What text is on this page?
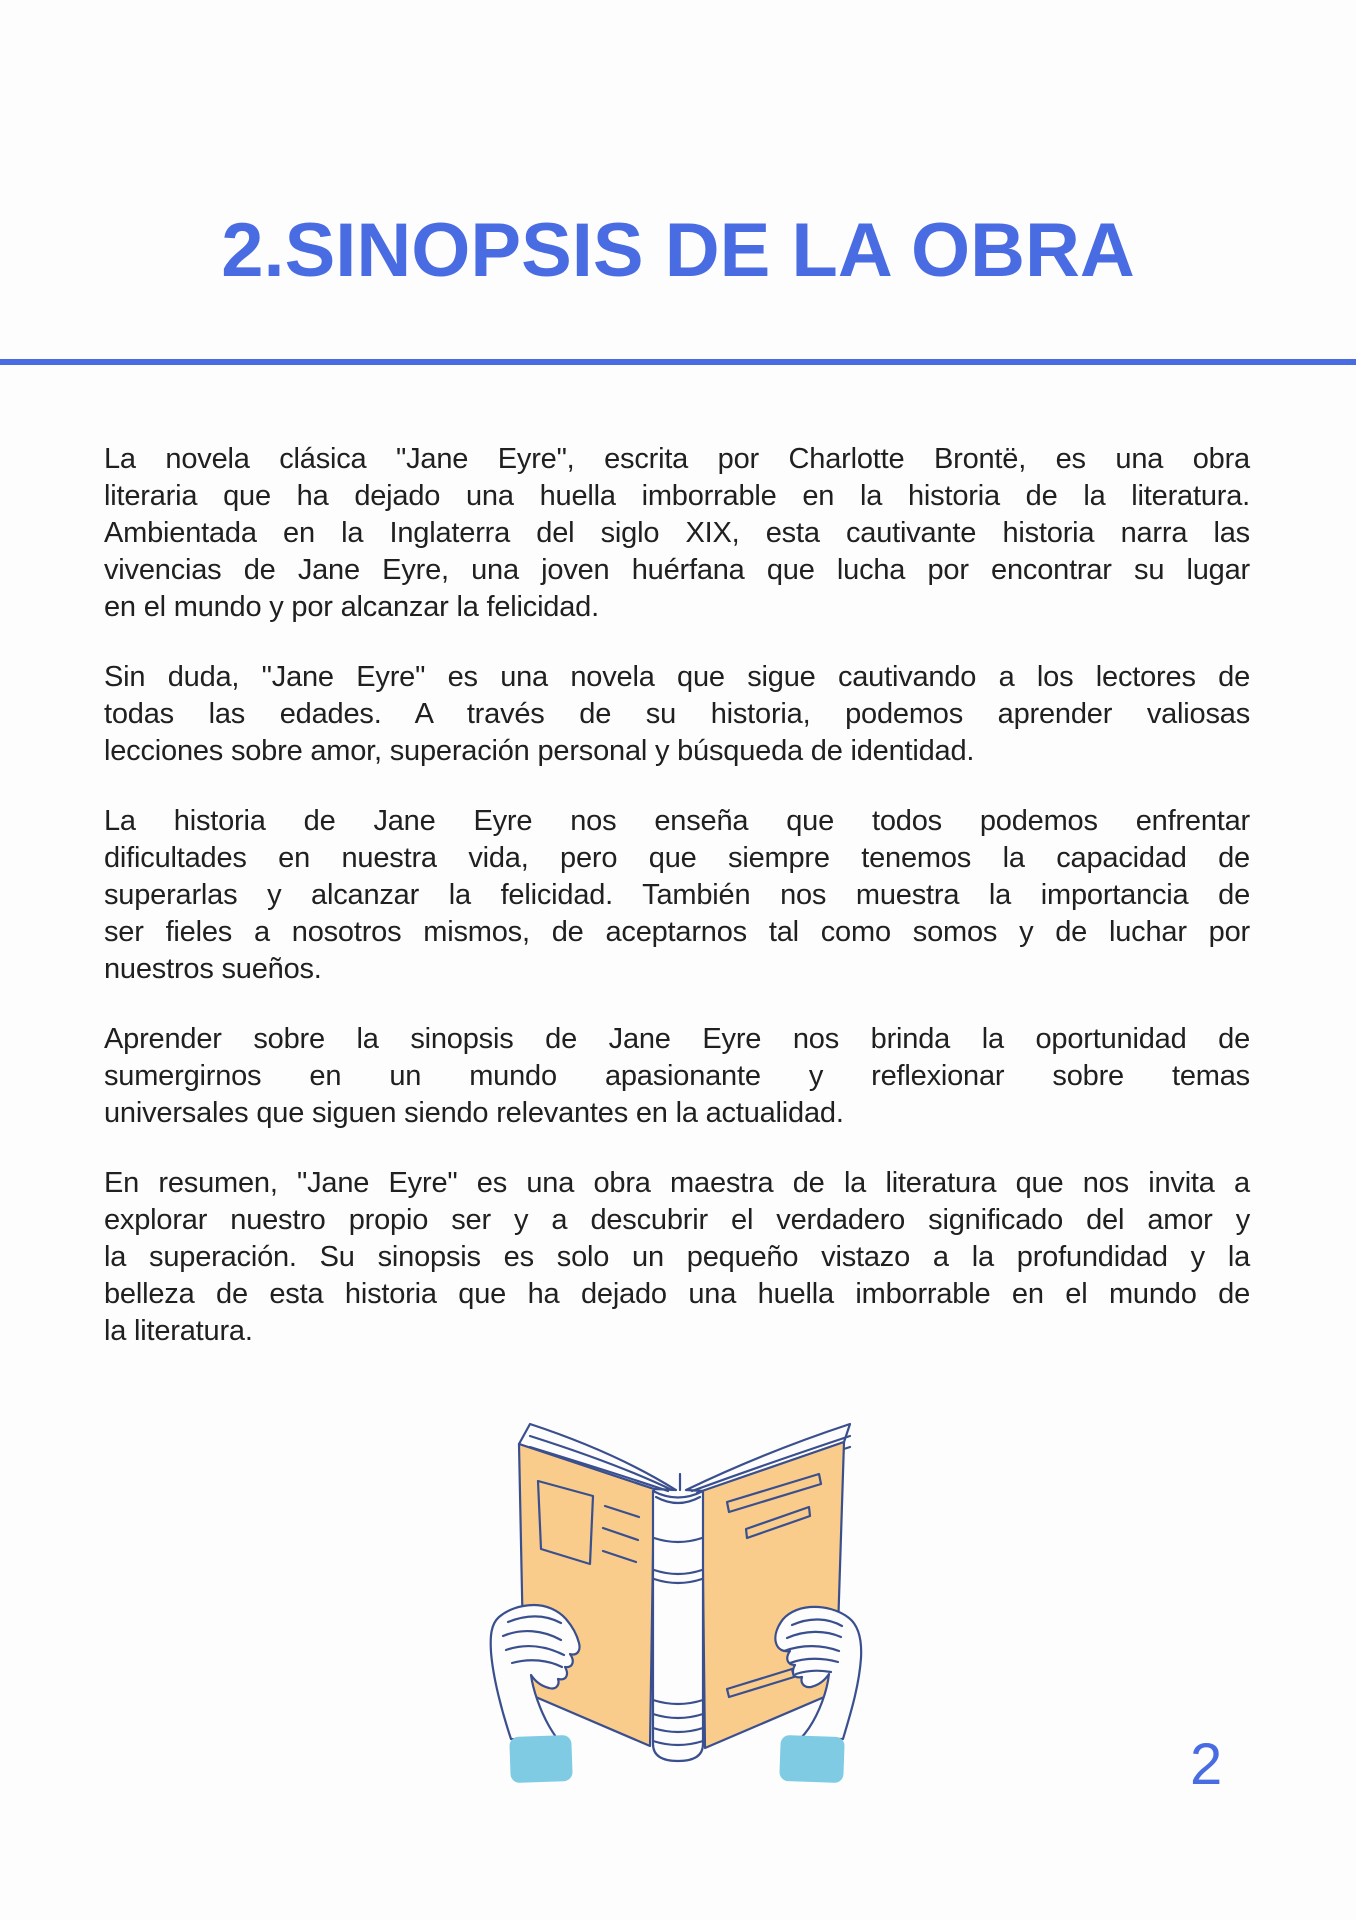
2.SINOPSIS DE LA OBRA
La novela clásica "Jane Eyre", escrita por Charlotte Brontë, es una obra
literaria que ha dejado una huella imborrable en la historia de la literatura.
Ambientada en la Inglaterra del siglo XIX, esta cautivante historia narra las
vivencias de Jane Eyre, una joven huérfana que lucha por encontrar su lugar
en el mundo y por alcanzar la felicidad.
Sin duda, "Jane Eyre" es una novela que sigue cautivando a los lectores de
todas las edades. A través de su historia, podemos aprender valiosas
lecciones sobre amor, superación personal y búsqueda de identidad.
La historia de Jane Eyre nos enseña que todos podemos enfrentar
dificultades en nuestra vida, pero que siempre tenemos la capacidad de
superarlas y alcanzar la felicidad. También nos muestra la importancia de
ser fieles a nosotros mismos, de aceptarnos tal como somos y de luchar por
nuestros sueños.
Aprender sobre la sinopsis de Jane Eyre nos brinda la oportunidad de
sumergirnos en un mundo apasionante y reflexionar sobre temas
universales que siguen siendo relevantes en la actualidad.
En resumen, "Jane Eyre" es una obra maestra de la literatura que nos invita a
explorar nuestro propio ser y a descubrir el verdadero significado del amor y
la superación. Su sinopsis es solo un pequeño vistazo a la profundidad y la
belleza de esta historia que ha dejado una huella imborrable en el mundo de
la literatura.
2
